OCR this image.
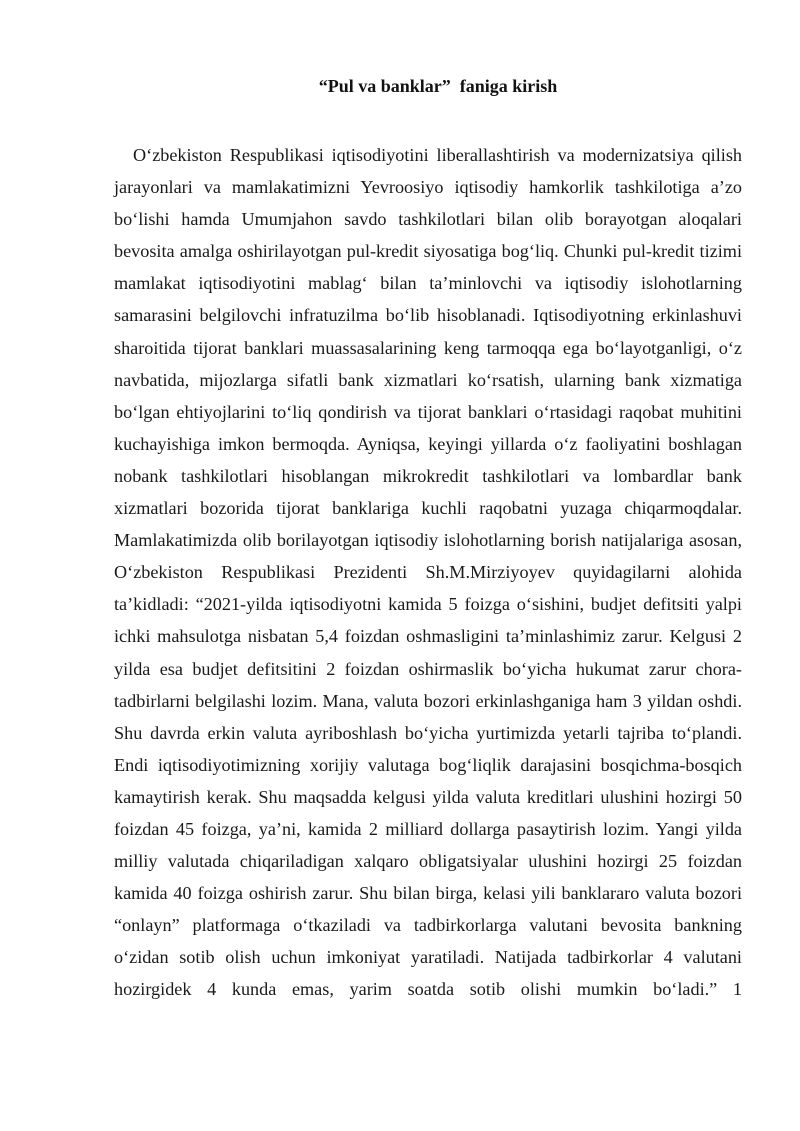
“Pul va banklar”  faniga kirish

O‘zbekiston Respublikasi iqtisodiyotini liberallashtirish va modernizatsiya qilish jarayonlari va mamlakatimizni Yevroosiyo iqtisodiy hamkorlik tashkilotiga a’zo bo‘lishi hamda Umumjahon savdo tashkilotlari bilan olib borayotgan aloqalari bevosita amalga oshirilayotgan pul-kredit siyosatiga bog‘liq. Chunki pul-kredit tizimi mamlakat iqtisodiyotini mablag‘ bilan ta’minlovchi va iqtisodiy islohotlarning samarasini belgilovchi infratuzilma bo‘lib hisoblanadi. Iqtisodiyotning erkinlashuvi sharoitida tijorat banklari muassasalarining keng tarmoqqa ega bo‘layotganligi, o‘z navbatida, mijozlarga sifatli bank xizmatlari ko‘rsatish, ularning bank xizmatiga bo‘lgan ehtiyojlarini to‘liq qondirish va tijorat banklari o‘rtasidagi raqobat muhitini kuchayishiga imkon bermoqda. Ayniqsa, keyingi yillarda o‘z faoliyatini boshlagan nobank tashkilotlari hisoblangan mikrokredit tashkilotlari va lombardlar bank xizmatlari bozorida tijorat banklariga kuchli raqobatni yuzaga chiqarmoqdalar. Mamlakatimizda olib borilayotgan iqtisodiy islohotlarning borish natijalariga asosan, O‘zbekiston Respublikasi Prezidenti Sh.M.Mirziyoyev quyidagilarni alohida ta’kidladi: “2021-yilda iqtisodiyotni kamida 5 foizga o‘sishini, budjet defitsiti yalpi ichki mahsulotga nisbatan 5,4 foizdan oshmasligini ta’minlashimiz zarur. Kelgusi 2 yilda esa budjet defitsitini 2 foizdan oshirmaslik bo‘yicha hukumat zarur chora-tadbirlarni belgilashi lozim. Mana, valuta bozori erkinlashganiga ham 3 yildan oshdi. Shu davrda erkin valuta ayriboshlash bo‘yicha yurtimizda yetarli tajriba to‘plandi. Endi iqtisodiyotimizning xorijiy valutaga bog‘liqlik darajasini bosqichma-bosqich kamaytirish kerak. Shu maqsadda kelgusi yilda valuta kreditlari ulushini hozirgi 50 foizdan 45 foizga, ya’ni, kamida 2 milliard dollarga pasaytirish lozim. Yangi yilda milliy valutada chiqariladigan xalqaro obligatsiyalar ulushini hozirgi 25 foizdan kamida 40 foizga oshirish zarur. Shu bilan birga, kelasi yili banklararo valuta bozori “onlayn” platformaga o‘tkaziladi va tadbirkorlarga valutani bevosita bankning o‘zidan sotib olish uchun imkoniyat yaratiladi. Natijada tadbirkorlar 4 valutani hozirgidek 4 kunda emas, yarim soatda sotib olishi mumkin bo‘ladi.” 1
